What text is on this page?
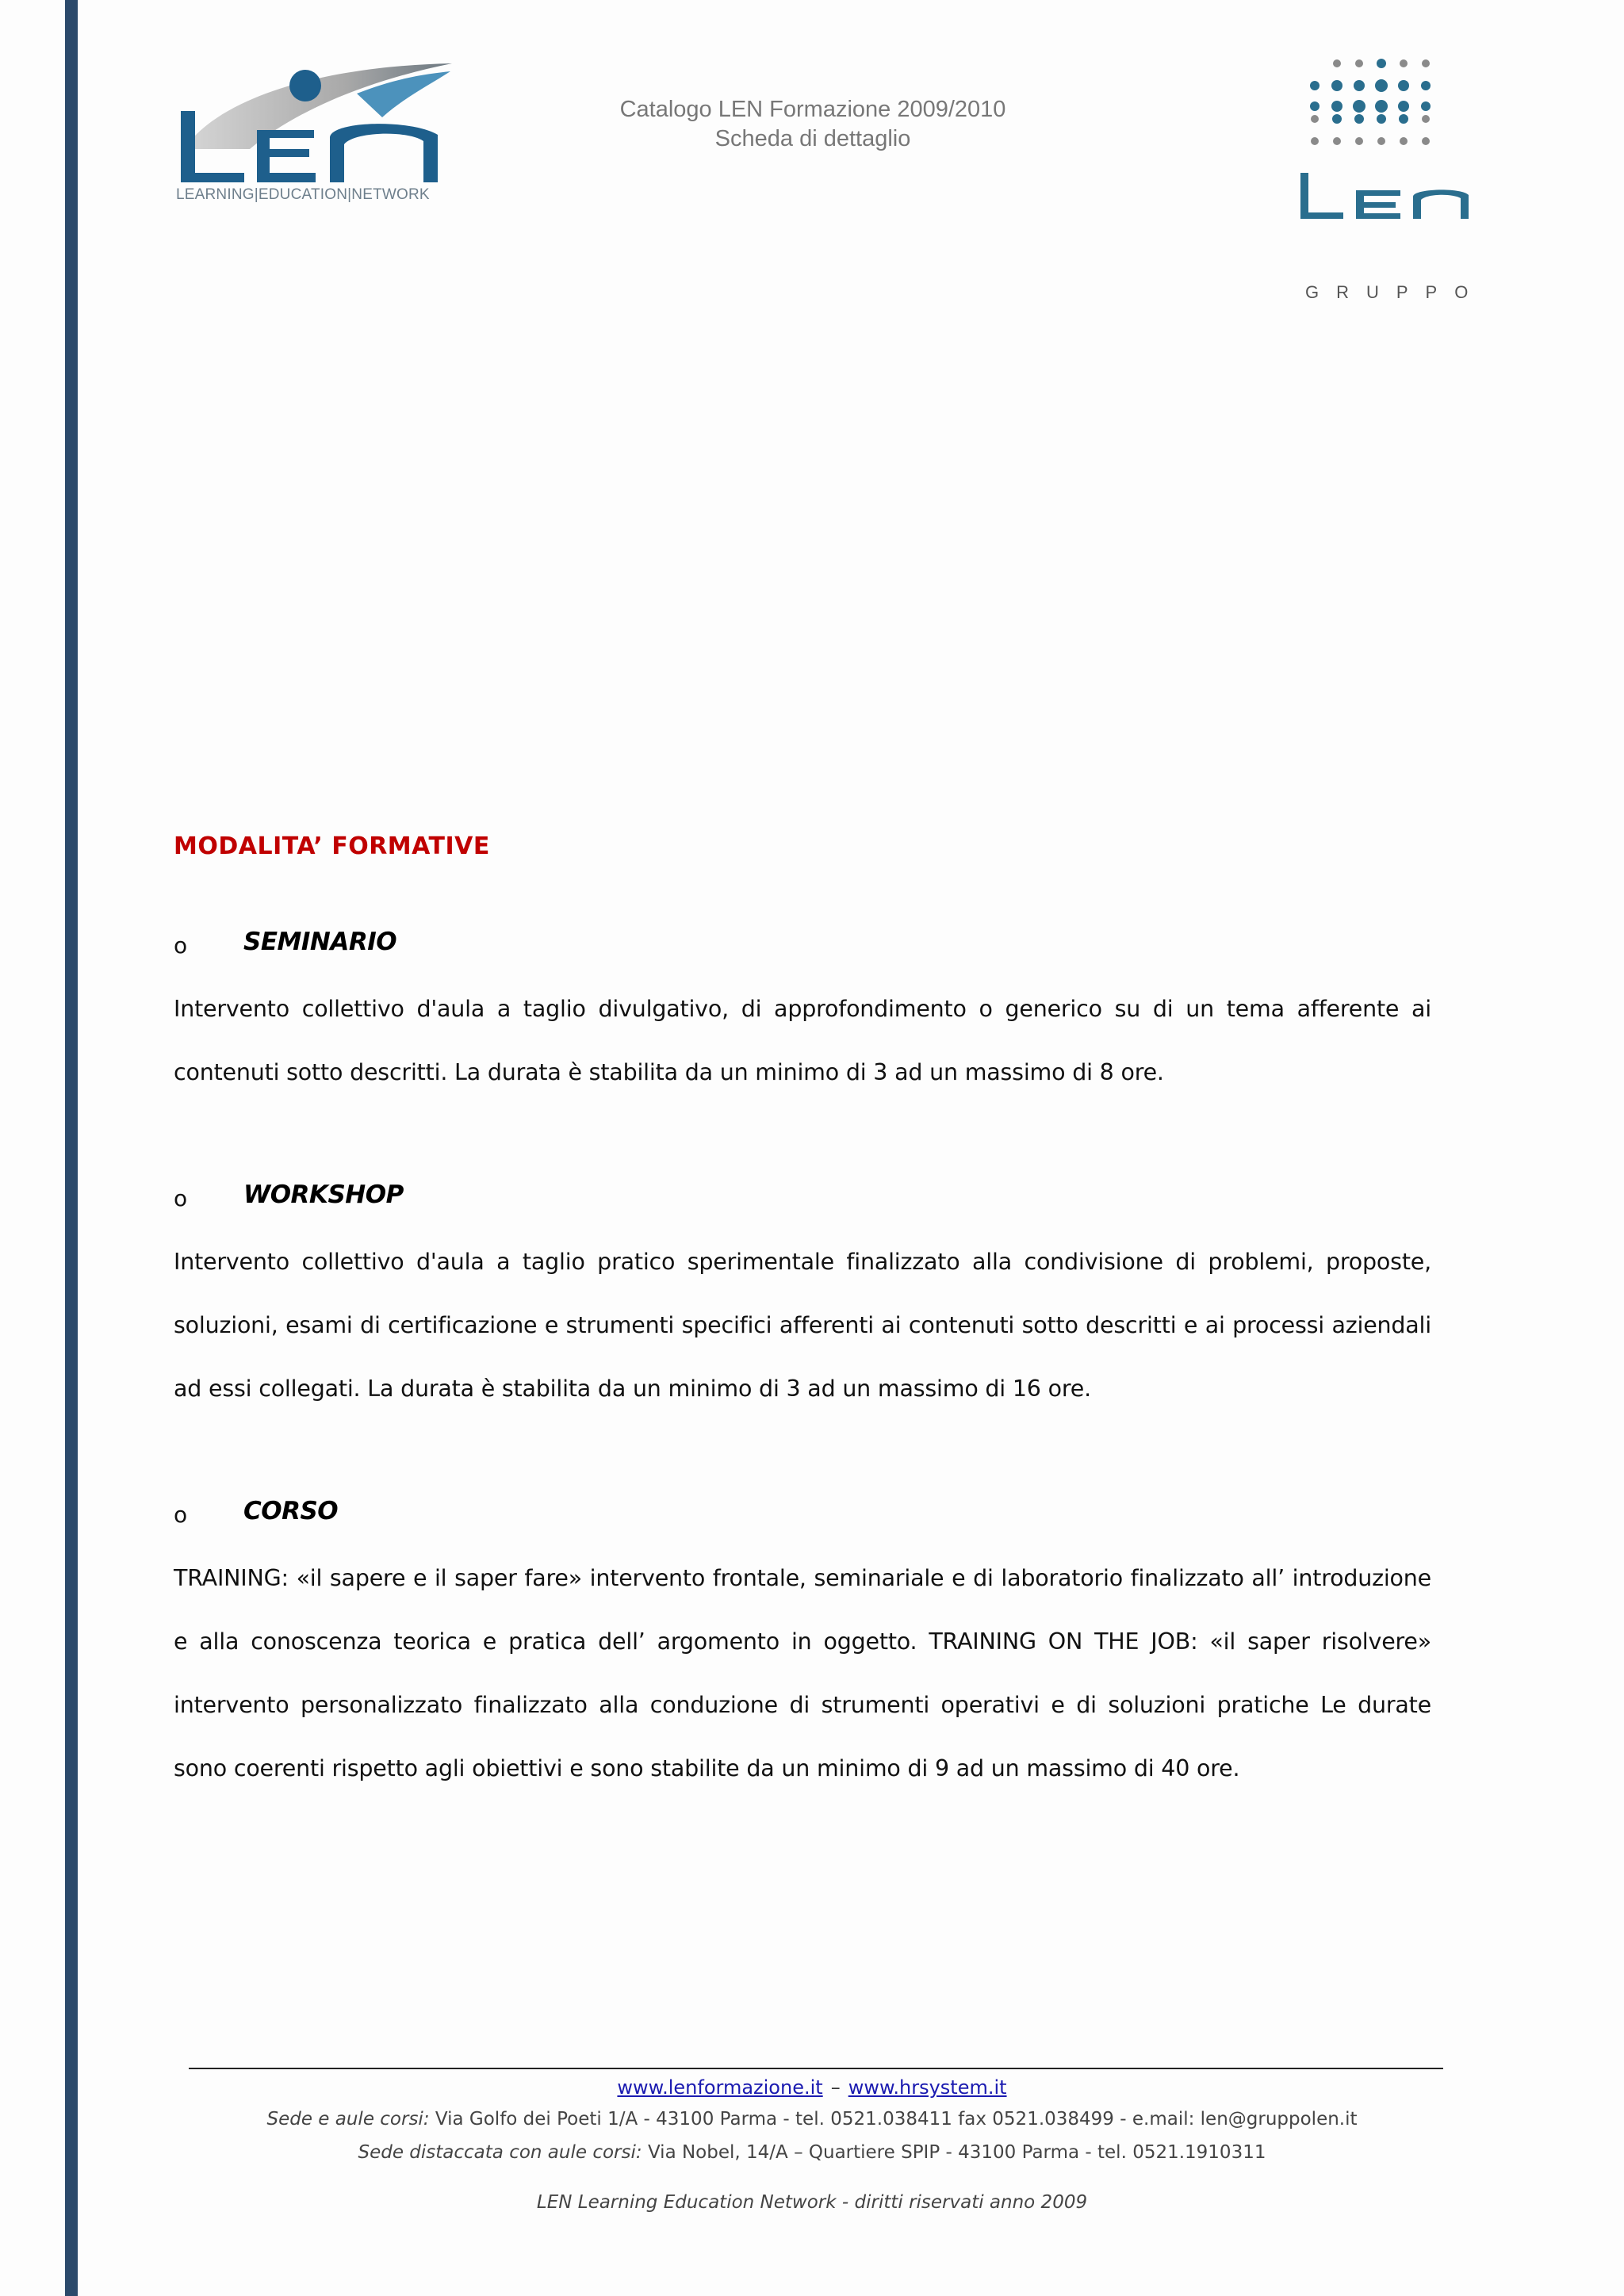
LEARNING|EDUCATION|NETWORK
Catalogo LEN Formazione 2009/2010
Scheda di dettaglio
GRUPPO
MODALITA’ FORMATIVE
o SEMINARIO

Intervento collettivo d'aula a taglio divulgativo, di approfondimento o generico su di un tema afferente ai contenuti sotto descritti. La durata è stabilita da un minimo di 3 ad un massimo di 8 ore.

o WORKSHOP

Intervento collettivo d'aula a taglio pratico sperimentale finalizzato alla condivisione di problemi, proposte, soluzioni, esami di certificazione e strumenti specifici afferenti ai contenuti sotto descritti e ai processi aziendali ad essi collegati. La durata è stabilita da un minimo di 3 ad un massimo di 16 ore.

o CORSO

TRAINING: «il sapere e il saper fare» intervento frontale, seminariale e di laboratorio finalizzato all’ introduzione e alla conoscenza teorica e pratica dell’ argomento in oggetto. TRAINING ON THE JOB: «il saper risolvere» intervento personalizzato finalizzato alla conduzione di strumenti operativi e di soluzioni pratiche Le durate sono coerenti rispetto agli obiettivi e sono stabilite da un minimo di 9 ad un massimo di 40 ore.

www.lenformazione.it – www.hrsystem.it
Sede e aule corsi: Via Golfo dei Poeti 1/A - 43100 Parma - tel. 0521.038411 fax 0521.038499 - e.mail: len@gruppolen.it
Sede distaccata con aule corsi: Via Nobel, 14/A – Quartiere SPIP - 43100 Parma - tel. 0521.1910311
LEN Learning Education Network - diritti riservati anno 2009
